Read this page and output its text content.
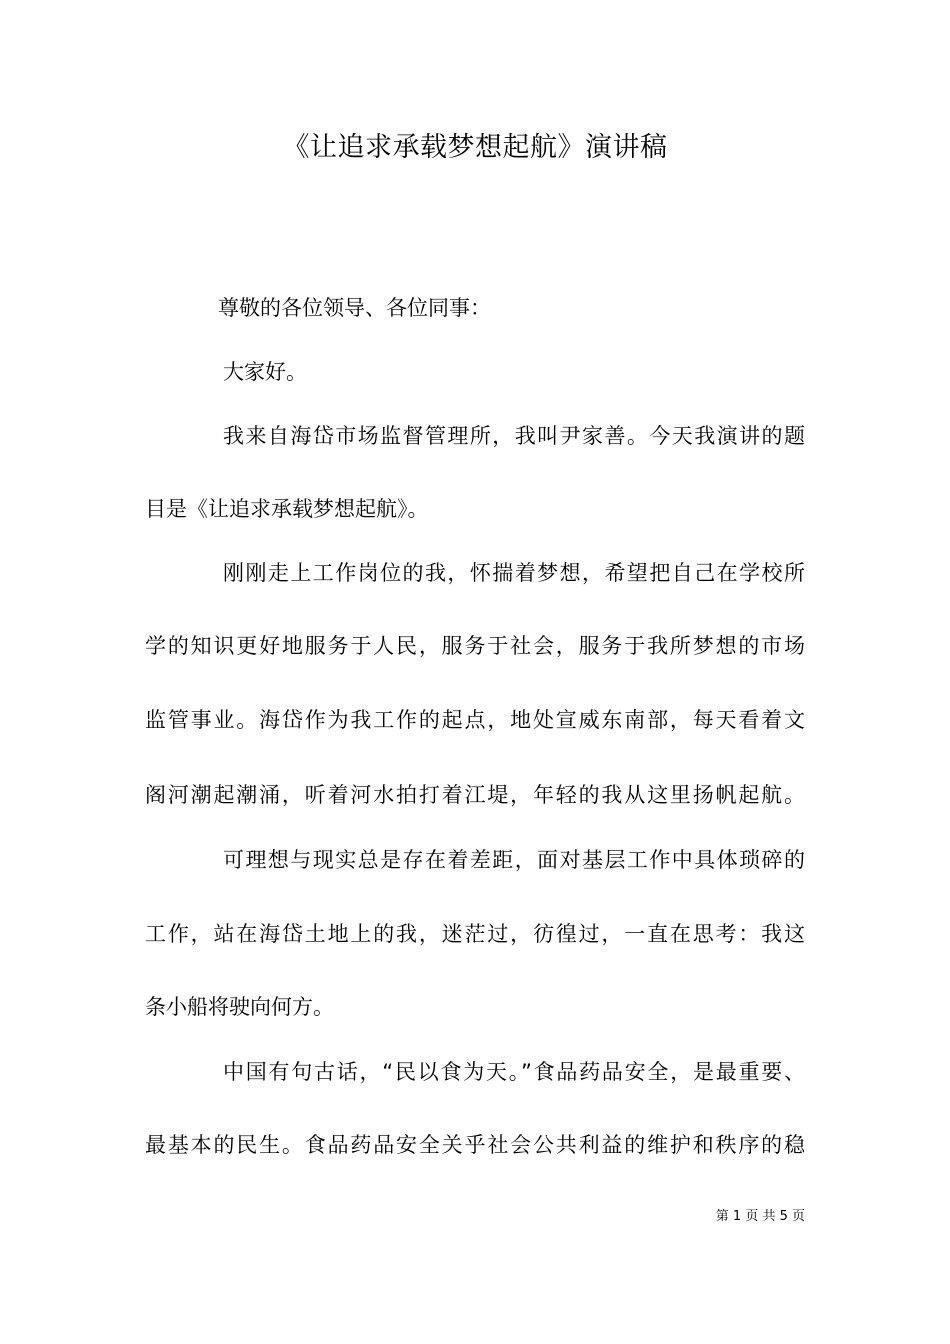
《让追求承载梦想起航》演讲稿

尊敬的各位领导、各位同事：

大家好。

我来自海岱市场监督管理所，我叫尹家善。今天我演讲的题

目是《让追求承载梦想起航》。

刚刚走上工作岗位的我，怀揣着梦想，希望把自己在学校所

学的知识更好地服务于人民，服务于社会，服务于我所梦想的市场

监管事业。海岱作为我工作的起点，地处宣威东南部，每天看着文

阁河潮起潮涌，听着河水拍打着江堤，年轻的我从这里扬帆起航。

可理想与现实总是存在着差距，面对基层工作中具体琐碎的

工作，站在海岱土地上的我，迷茫过，彷徨过，一直在思考：我这

条小船将驶向何方。

中国有句古话，“民以食为天。”食品药品安全，是最重要、

最基本的民生。食品药品安全关乎社会公共利益的维护和秩序的稳

第 1 页 共 5 页
